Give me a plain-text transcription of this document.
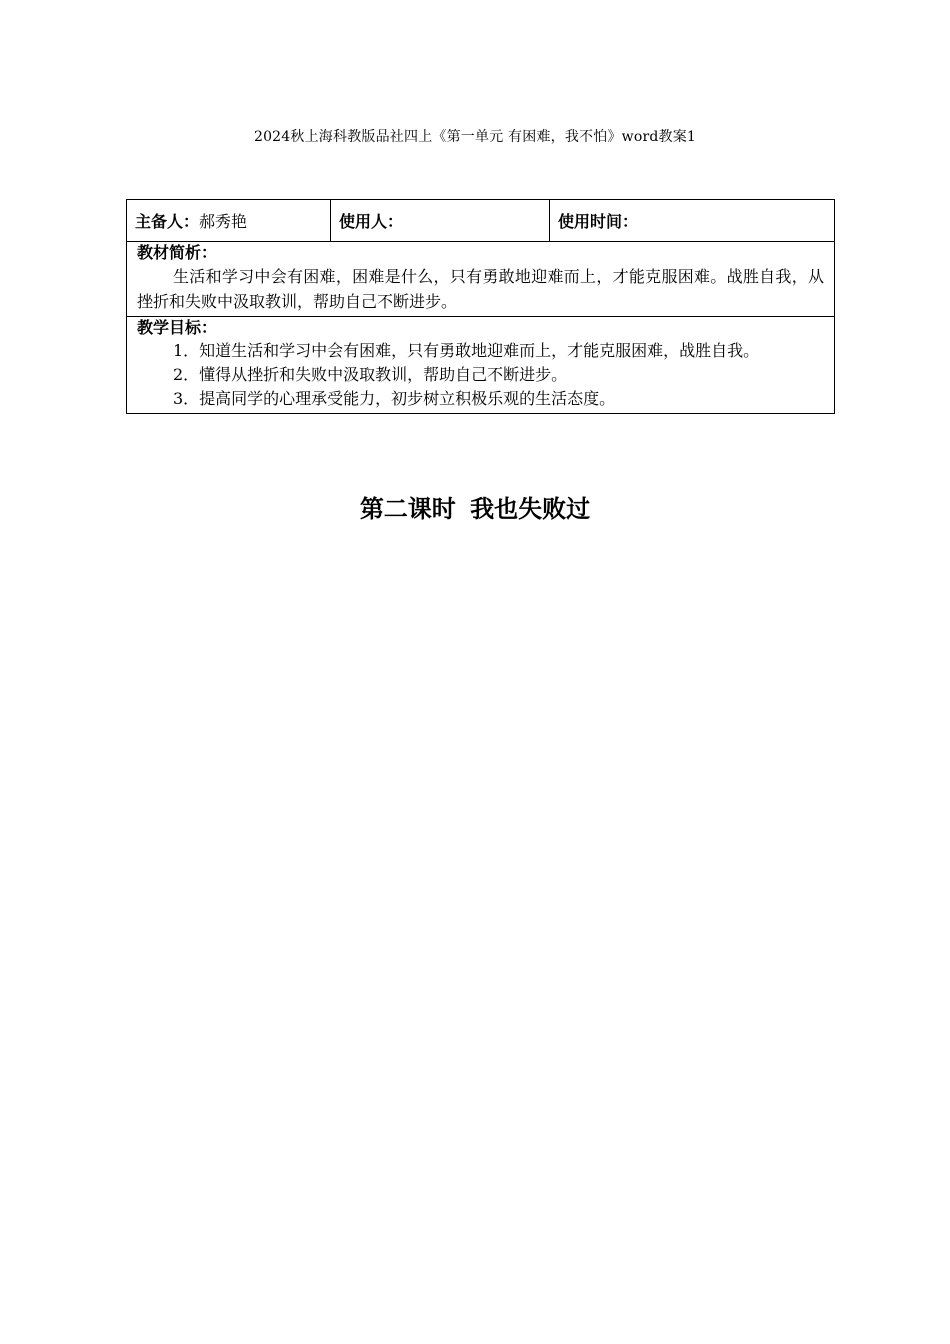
2024秋上海科教版品社四上《第一单元 有困难，我不怕》word教案1
主备人：郝秀艳	使用人：	使用时间：

教材简析：
生活和学习中会有困难，困难是什么，只有勇敢地迎难而上，才能克服困难。战胜自我，从挫折和失败中汲取教训，帮助自己不断进步。

教学目标：
1．知道生活和学习中会有困难，只有勇敢地迎难而上，才能克服困难，战胜自我。
2．懂得从挫折和失败中汲取教训，帮助自己不断进步。
3．提高同学的心理承受能力，初步树立积极乐观的生活态度。
第二课时 我也失败过
